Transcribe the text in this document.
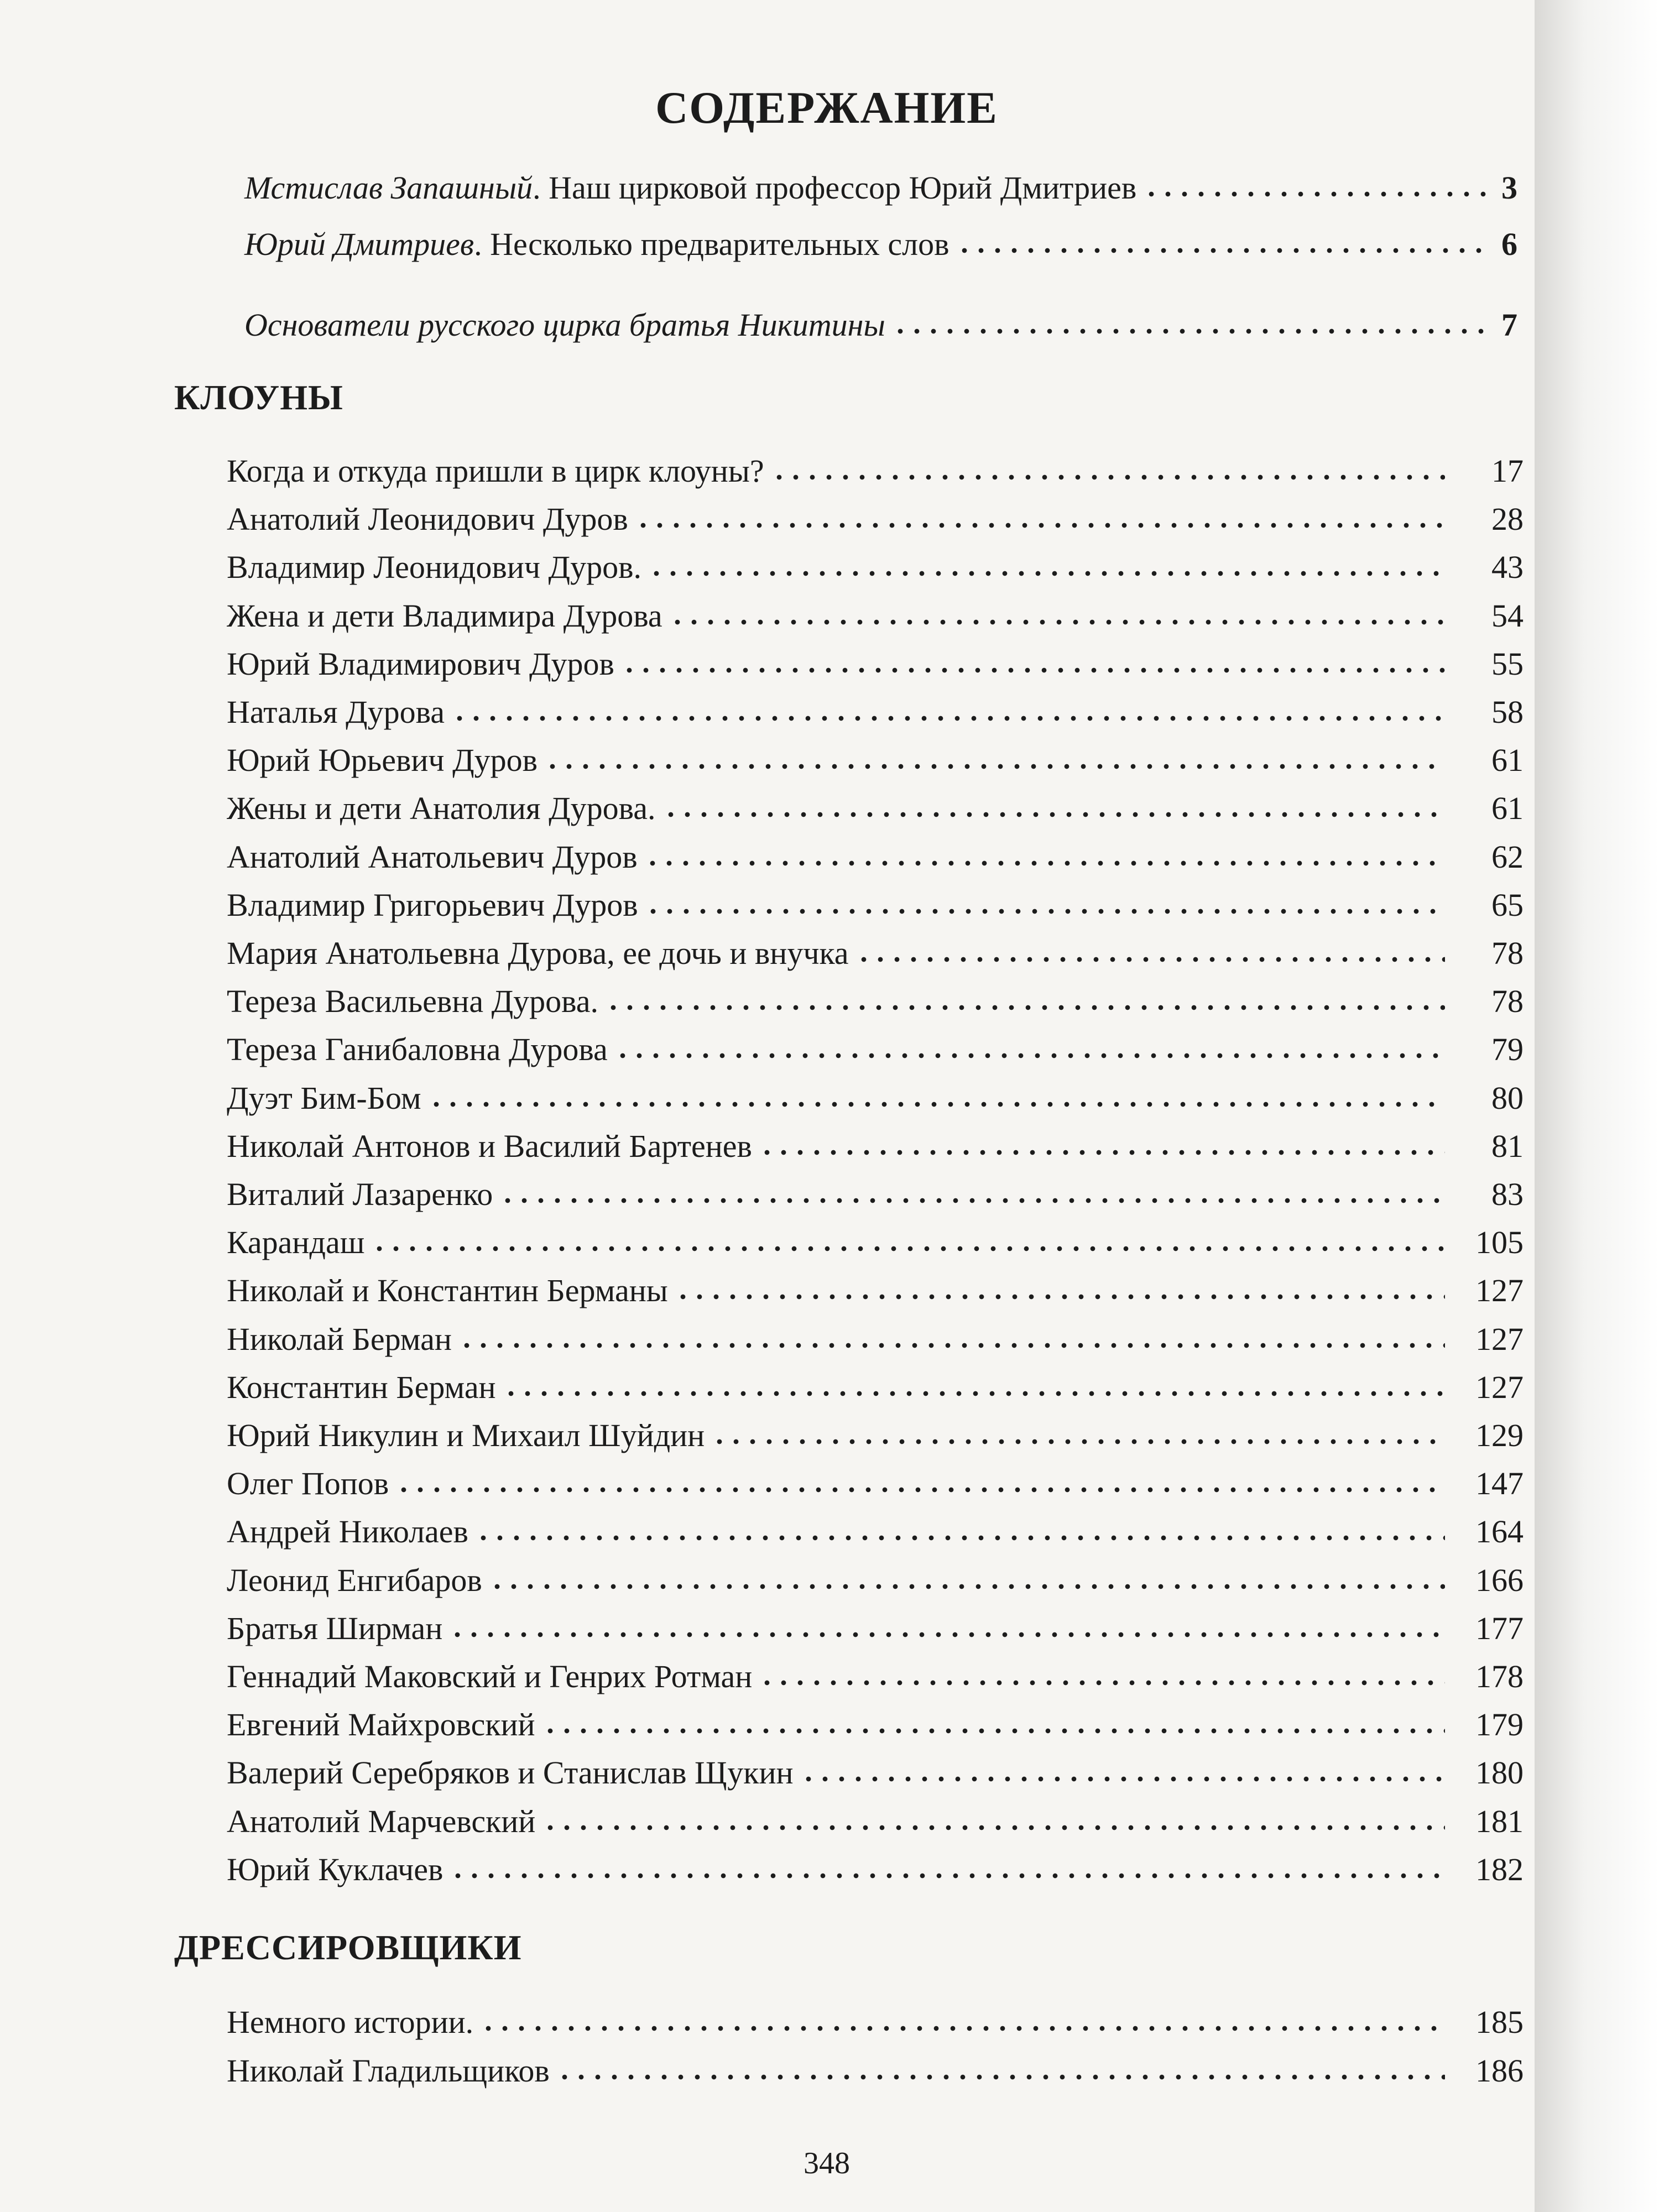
СОДЕРЖАНИЕ
Мстислав Запашный . Наш цирковой профессор Юрий Дмитриев	3
Юрий Дмитриев . Несколько предварительных слов	6
Основатели русского цирка братья Никитины	7
КЛОУНЫ
Когда и откуда пришли в цирк клоуны?	17
Анатолий Леонидович Дуров	28
Владимир Леонидович Дуров.	43
Жена и дети Владимира Дурова	54
Юрий Владимирович Дуров	55
Наталья Дурова	58
Юрий Юрьевич Дуров	61
Жены и дети Анатолия Дурова.	61
Анатолий Анатольевич Дуров	62
Владимир Григорьевич Дуров	65
Мария Анатольевна Дурова, ее дочь и внучка	78
Тереза Васильевна Дурова.	78
Тереза Ганибаловна Дурова	79
Дуэт Бим-Бом	80
Николай Антонов и Василий Бартенев	81
Виталий Лазаренко	83
Карандаш	105
Николай и Константин Берманы	127
Николай Берман	127
Константин Берман	127
Юрий Никулин и Михаил Шуйдин	129
Олег Попов	147
Андрей Николаев	164
Леонид Енгибаров	166
Братья Ширман	177
Геннадий Маковский и Генрих Ротман	178
Евгений Майхровский	179
Валерий Серебряков и Станислав Щукин	180
Анатолий Марчевский	181
Юрий Куклачев	182
ДРЕССИРОВЩИКИ
Немного истории.	185
Николай Гладильщиков	186
348
